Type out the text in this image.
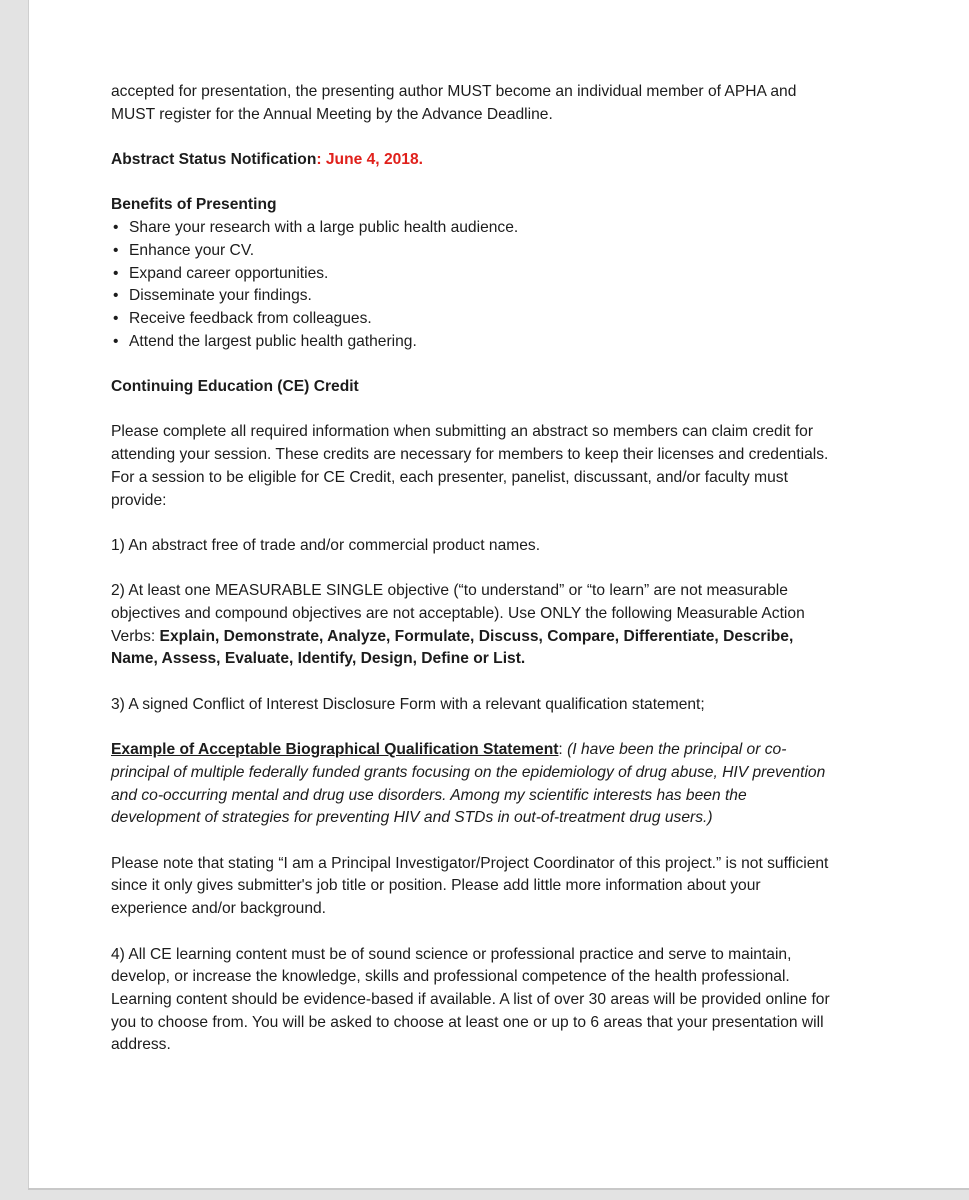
accepted for presentation, the presenting author MUST become an individual member of APHA and MUST register for the Annual Meeting by the Advance Deadline.

Abstract Status Notification: June 4, 2018.

Benefits of Presenting

• Share your research with a large public health audience.
• Enhance your CV.
• Expand career opportunities.
• Disseminate your findings.
• Receive feedback from colleagues.
• Attend the largest public health gathering.

Continuing Education (CE) Credit

Please complete all required information when submitting an abstract so members can claim credit for attending your session. These credits are necessary for members to keep their licenses and credentials. For a session to be eligible for CE Credit, each presenter, panelist, discussant, and/or faculty must provide:

1) An abstract free of trade and/or commercial product names.

2) At least one MEASURABLE SINGLE objective (“to understand” or “to learn” are not measurable objectives and compound objectives are not acceptable). Use ONLY the following Measurable Action Verbs: Explain, Demonstrate, Analyze, Formulate, Discuss, Compare, Differentiate, Describe, Name, Assess, Evaluate, Identify, Design, Define or List.

3) A signed Conflict of Interest Disclosure Form with a relevant qualification statement;

Example of Acceptable Biographical Qualification Statement: (I have been the principal or co-principal of multiple federally funded grants focusing on the epidemiology of drug abuse, HIV prevention and co-occurring mental and drug use disorders. Among my scientific interests has been the development of strategies for preventing HIV and STDs in out-of-treatment drug users.)

Please note that stating “I am a Principal Investigator/Project Coordinator of this project.” is not sufficient since it only gives submitter's job title or position. Please add little more information about your experience and/or background.

4) All CE learning content must be of sound science or professional practice and serve to maintain, develop, or increase the knowledge, skills and professional competence of the health professional. Learning content should be evidence-based if available. A list of over 30 areas will be provided online for you to choose from. You will be asked to choose at least one or up to 6 areas that your presentation will address.
